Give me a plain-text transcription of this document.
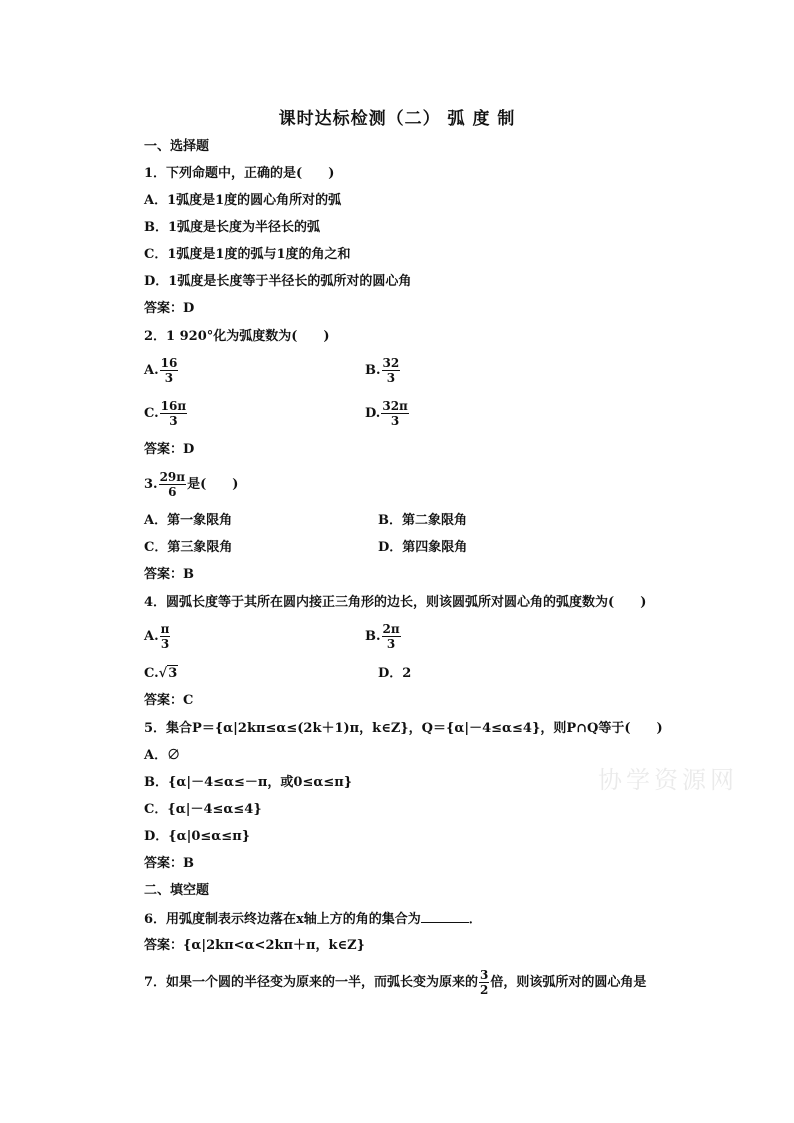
课时达标检测（二） 弧 度 制
一、选择题
1．下列命题中，正确的是(　　)
A．1弧度是1度的圆心角所对的弧
B．1弧度是长度为半径长的弧
C．1弧度是1度的弧与1度的角之和
D．1弧度是长度等于半径长的弧所对的圆心角
答案：D
2．1 920°化为弧度数为(　　)
A. $\frac{16}{3}$	B. $\frac{32}{3}$
C. $\frac{16\pi}{3}$	D. $\frac{32\pi}{3}$
答案：D
3. $\frac{29\pi}{6}$ 是(　　)
A．第一象限角	B．第二象限角
C．第三象限角	D．第四象限角
答案：B
4．圆弧长度等于其所在圆内接正三角形的边长，则该圆弧所对圆心角的弧度数为(　　)
A. $\frac{\pi}{3}$	B. $\frac{2\pi}{3}$
C.√3	D．2
答案：C
5．集合P＝{α|2kπ≤α≤(2k＋1)π，k∈Z}，Q＝{α|－4≤α≤4}，则P∩Q等于(　　)
A．∅
B．{α|－4≤α≤－π，或0≤α≤π}
C．{α|－4≤α≤4}
D．{α|0≤α≤π}
答案：B
二、填空题
6．用弧度制表示终边落在x轴上方的角的集合为	．
答案：{α|2kπ<α<2kπ＋π，k∈Z}
7．如果一个圆的半径变为原来的一半，而弧长变为原来的 $\frac{3}{2}$ 倍，则该弧所对的圆心角是
协学资源网
